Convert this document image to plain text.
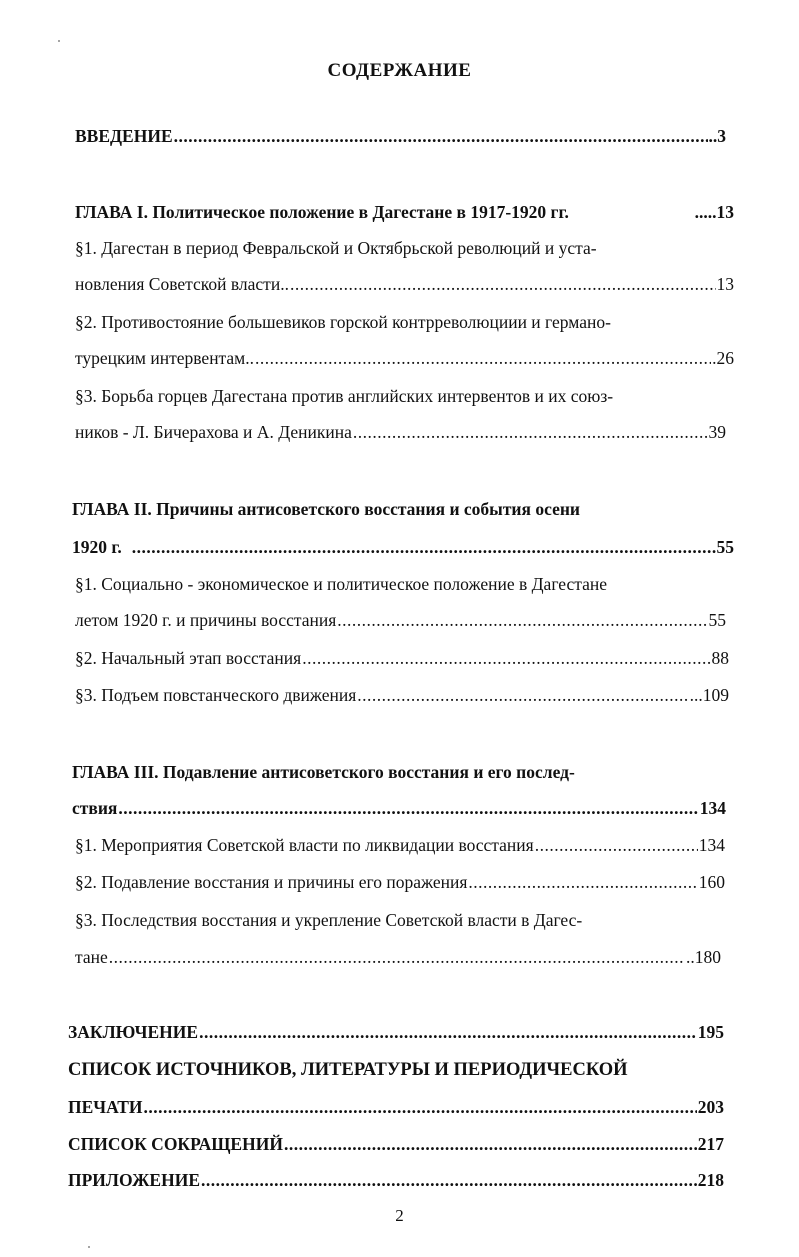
СОДЕРЖАНИЕ
ВВЕДЕНИЕ .....	..3
ГЛАВА I. Политическое положение в Дагестане в 1917-1920 гг.	.....13
§1. Дагестан в период Февральской и Октябрьской революций и уста-
новления Советской власти.. .....	13
§2. Противостояние большевиков горской контрреволюциии и германо-
турецким интервентам.. .....	.26
§3. Борьба горцев Дагестана против английских интервентов и их союз-
ников - Л. Бичерахова и А. Деникина .....	39
ГЛАВА II. Причины антисоветского восстания и события осени
1920 г. .....	55
§1. Социально - экономическое и политическое положение в Дагестане
летом 1920 г. и причины восстания .....	55
§2. Начальный этап восстания .....	88
§3. Подъем повстанческого движения .....	...109
ГЛАВА III. Подавление антисоветского восстания и его послед-
ствия .....	134
§1. Мероприятия Советской власти по ликвидации восстания .....	134
§2. Подавление восстания и причины его поражения .....	160
§3. Последствия восстания и укрепление Советской власти в Дагес-
тане .....	..180
ЗАКЛЮЧЕНИЕ .....	195
СПИСОК ИСТОЧНИКОВ, ЛИТЕРАТУРЫ И ПЕРИОДИЧЕСКОЙ
ПЕЧАТИ .....	203
СПИСОК СОКРАЩЕНИЙ .....	217
ПРИЛОЖЕНИЕ .....	218
2
